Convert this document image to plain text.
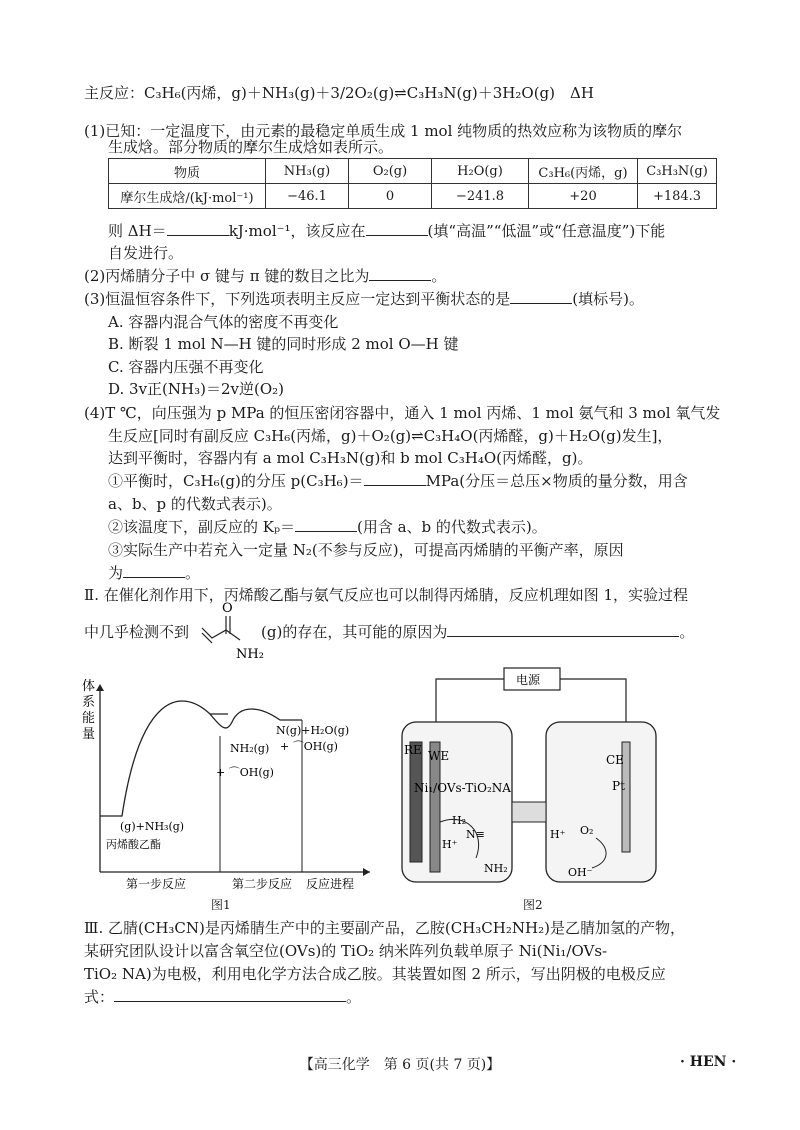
主反应：C₃H₆(丙烯，g)＋NH₃(g)＋3/2O₂(g)⇌C₃H₃N(g)＋3H₂O(g)　ΔH
(1)已知：一定温度下，由元素的最稳定单质生成 1 mol 纯物质的热效应称为该物质的摩尔
生成焓。部分物质的摩尔生成焓如表所示。
物质	NH₃(g)	O₂(g)	H₂O(g)	C₃H₆(丙烯，g)	C₃H₃N(g)
摩尔生成焓/(kJ·mol⁻¹)	−46.1	0	−241.8	+20	+184.3
则 ΔH＝	kJ·mol⁻¹，该反应在	(填“高温”“低温”或“任意温度”)下能
自发进行。
(2)丙烯腈分子中 σ 键与 π 键的数目之比为	。
(3)恒温恒容条件下，下列选项表明主反应一定达到平衡状态的是	(填标号)。
A. 容器内混合气体的密度不再变化
B. 断裂 1 mol N—H 键的同时形成 2 mol O—H 键
C. 容器内压强不再变化
D. 3v正(NH₃)＝2v逆(O₂)
(4)T ℃，向压强为 p MPa 的恒压密闭容器中，通入 1 mol 丙烯、1 mol 氨气和 3 mol 氧气发
生反应[同时有副反应 C₃H₆(丙烯，g)＋O₂(g)⇌C₃H₄O(丙烯醛，g)＋H₂O(g)发生]，
达到平衡时，容器内有 a mol C₃H₃N(g)和 b mol C₃H₄O(丙烯醛，g)。
①平衡时，C₃H₆(g)的分压 p(C₃H₆)＝	MPa(分压＝总压×物质的量分数，用含
a、b、p 的代数式表示)。
②该温度下，副反应的 Kₚ＝	(用含 a、b 的代数式表示)。
③实际生产中若充入一定量 N₂(不参与反应)，可提高丙烯腈的平衡产率，原因
为	。
Ⅱ. 在催化剂作用下，丙烯酸乙酯与氨气反应也可以制得丙烯腈，反应机理如图 1，实验过程
中几乎检测不到	(g)的存在，其可能的原因为	。
O
NH₂
体
系
能
量
(g)+NH₃(g)
丙烯酸乙酯
NH₂(g)
+ ⌒OH(g)
N(g)+H₂O(g)
+ ⌒OH(g)
第一步反应	第二步反应 反应进程
图1
电源
RE WE
Ni₁/OVs-TiO₂NA
CE
Pt
H₂
N≡
H⁺
NH₂
H⁺ O₂
OH⁻
图2
Ⅲ. 乙腈(CH₃CN)是丙烯腈生产中的主要副产品，乙胺(CH₃CH₂NH₂)是乙腈加氢的产物，
某研究团队设计以富含氧空位(OVs)的 TiO₂ 纳米阵列负载单原子 Ni(Ni₁/OVs-
TiO₂ NA)为电极，利用电化学方法合成乙胺。其装置如图 2 所示，写出阴极的电极反应
式：	。
【高三化学　第 6 页(共 7 页)】	· HEN ·
